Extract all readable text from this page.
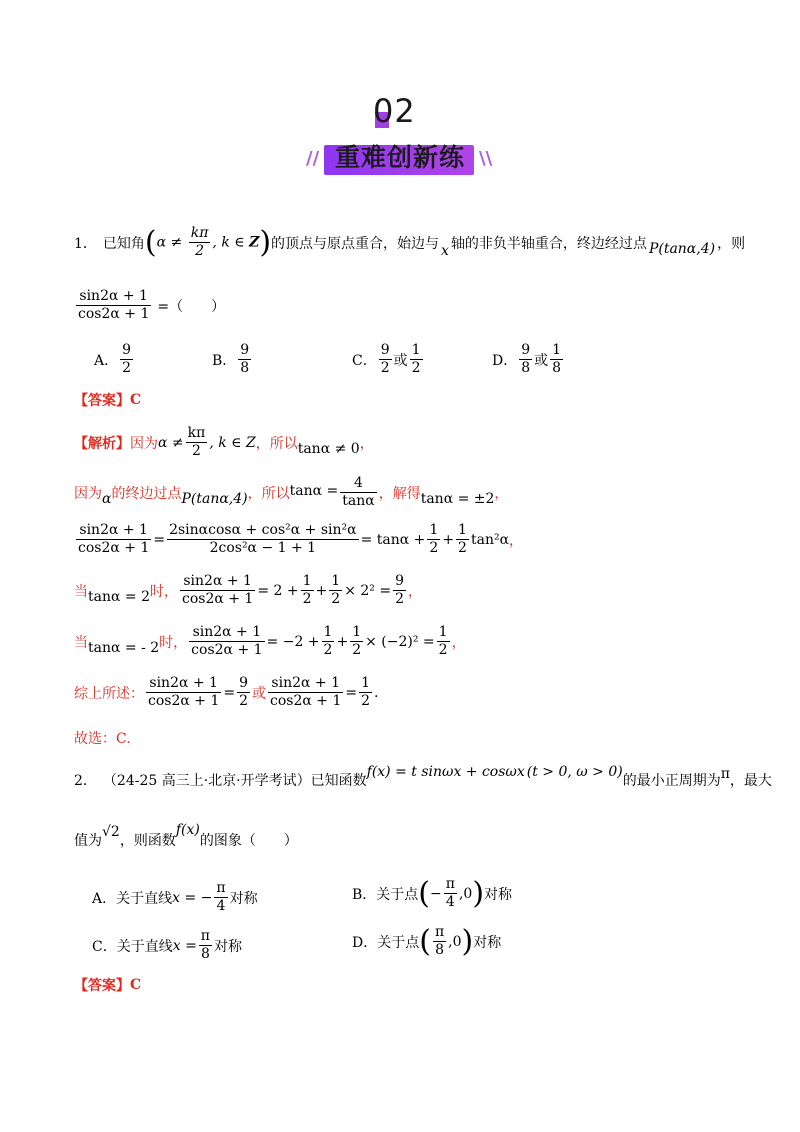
02
// 重难创新练 \\
1． 已知角 ( $\alpha \ne \frac{k\pi}{2}$ , k ∈ Z ) 的顶点与原点重合，始边与 x 轴的非负半轴重合，终边经过点 P(tanα,4) ，则
$\frac{\sin 2\alpha + 1}{\cos 2\alpha + 1}$ =（　　）
A． $\frac{9}{2}$	B． $\frac{9}{8}$	C． $\frac{9}{2}$ 或 $\frac{1}{2}$	D． $\frac{9}{8}$ 或 $\frac{1}{8}$
【答案】 C
【解析】 因为 $\alpha \ne \frac{k\pi}{2}$ , k ∈ Z ，所以 tanα ≠ 0 ，
因为 α 的终边过点 P(tanα,4) ，所以 $\tan\alpha = \frac{4}{\tan\alpha}$ ，解得 tanα = ±2 ，
$\frac{\sin 2\alpha + 1}{\cos 2\alpha + 1} = \frac{\text{2sinαcosα + cos²α + sin²α}}{\text{2cos²α − 1 + 1}} = \tan\alpha + \frac{1}{2} + \frac{1}{2} \tan^2\alpha$ ，
当 tanα = 2 时， $\frac{\sin 2\alpha + 1}{\cos 2\alpha + 1} = 2 + \frac{1}{2} + \frac{1}{2} \times 2^2 = \frac{9}{2}$ ，
当 tanα = - 2 时， $\frac{\sin 2\alpha + 1}{\cos 2\alpha + 1} = -2 + \frac{1}{2} + \frac{1}{2} \times (-2)^2 = \frac{1}{2}$ ，
综上所述： $\frac{\sin 2\alpha + 1}{\cos 2\alpha + 1} = \frac{9}{2}$ 或 $\frac{\sin 2\alpha + 1}{\cos 2\alpha + 1} = \frac{1}{2}$ .
故选：C.
2． （24-25 高三上·北京·开学考试）已知函数
f(x) = t sinωx + cosωx (t > 0, ω > 0)
的最小正周期为 π ，最大
值为
√2
，则函数
f(x)
的图象（　　）
A．关于直线 x = − $\frac{\pi}{4}$ 对称	B．关于点 ( − $\frac{\pi}{4} ,0$ ) 对称
C．关于直线 $x = \frac{\pi}{8}$ 对称	D．关于点 ( $\frac{\pi}{8} ,0$ ) 对称
【答案】 C
